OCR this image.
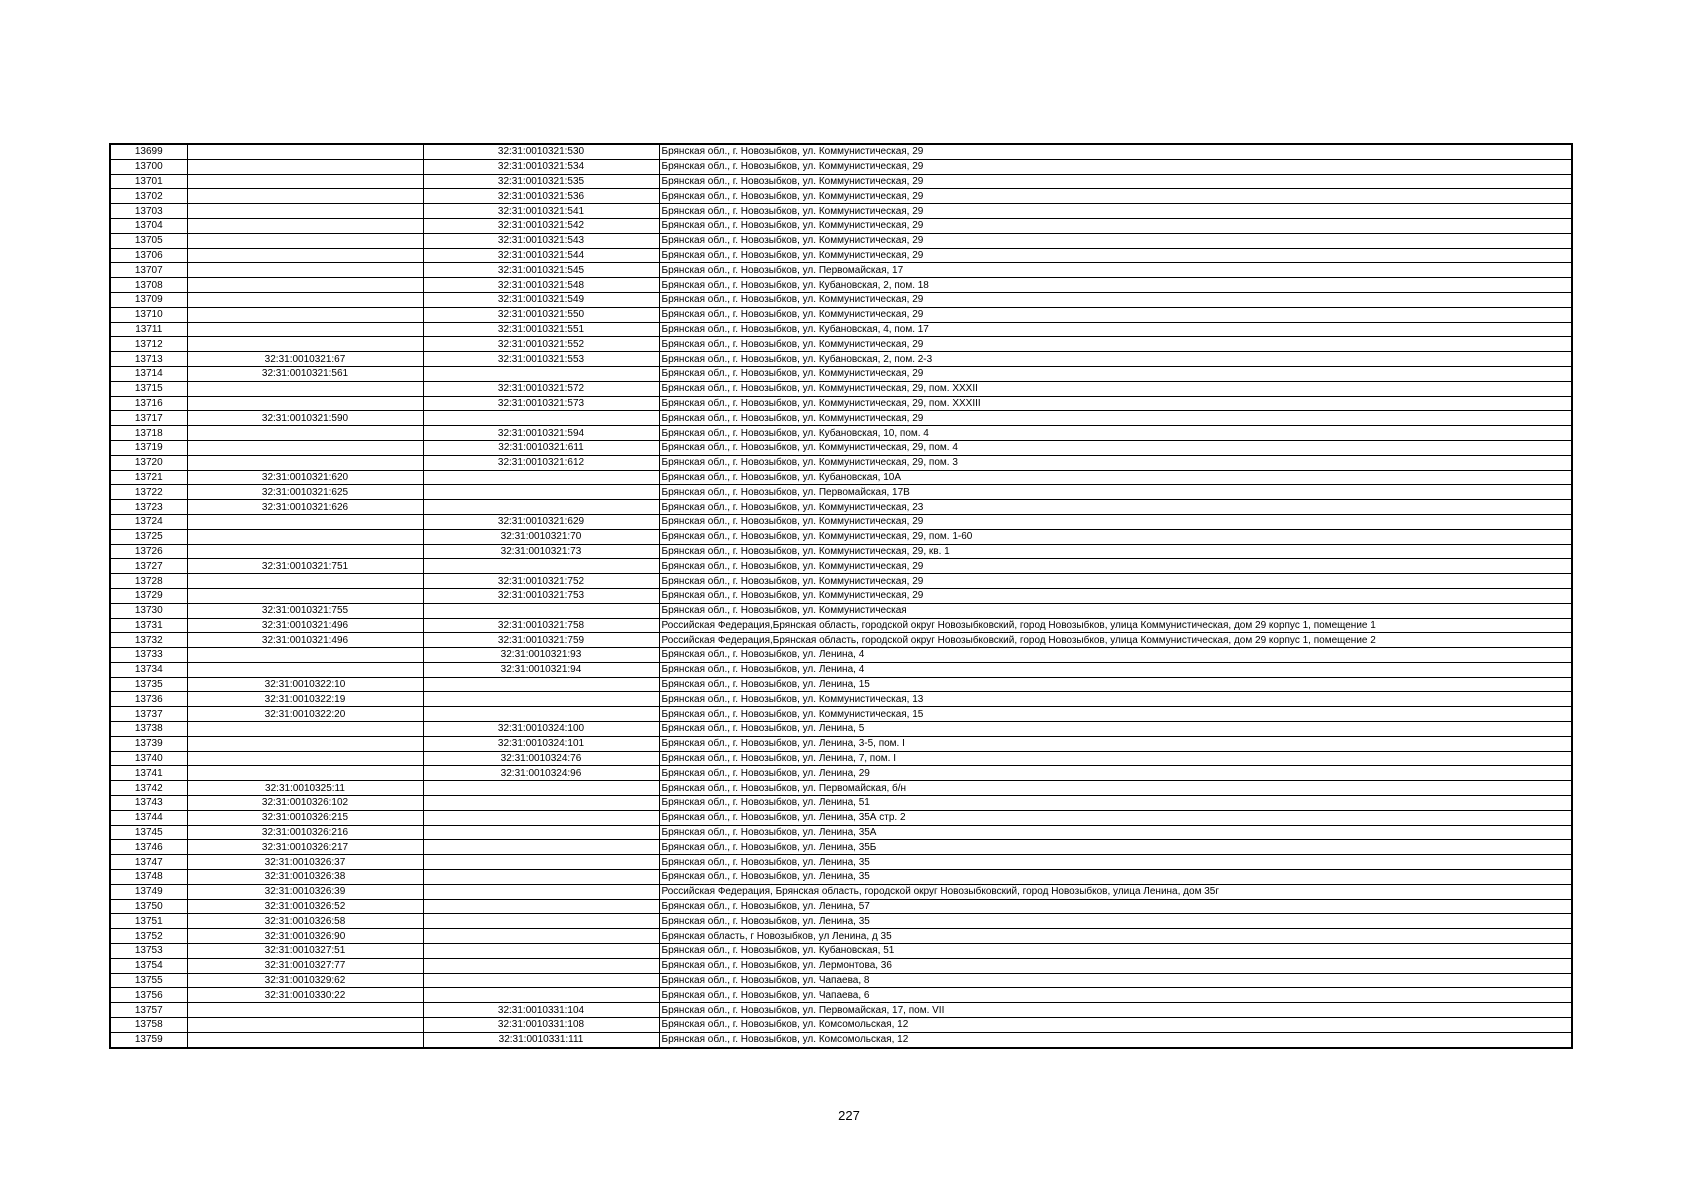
13699		32:31:0010321:530	Брянская обл., г. Новозыбков, ул. Коммунистическая, 29
13700		32:31:0010321:534	Брянская обл., г. Новозыбков, ул. Коммунистическая, 29
13701		32:31:0010321:535	Брянская обл., г. Новозыбков, ул. Коммунистическая, 29
13702		32:31:0010321:536	Брянская обл., г. Новозыбков, ул. Коммунистическая, 29
13703		32:31:0010321:541	Брянская обл., г. Новозыбков, ул. Коммунистическая, 29
13704		32:31:0010321:542	Брянская обл., г. Новозыбков, ул. Коммунистическая, 29
13705		32:31:0010321:543	Брянская обл., г. Новозыбков, ул. Коммунистическая, 29
13706		32:31:0010321:544	Брянская обл., г. Новозыбков, ул. Коммунистическая, 29
13707		32:31:0010321:545	Брянская обл., г. Новозыбков, ул. Первомайская, 17
13708		32:31:0010321:548	Брянская обл., г. Новозыбков, ул. Кубановская, 2, пом. 18
13709		32:31:0010321:549	Брянская обл., г. Новозыбков, ул. Коммунистическая, 29
13710		32:31:0010321:550	Брянская обл., г. Новозыбков, ул. Коммунистическая, 29
13711		32:31:0010321:551	Брянская обл., г. Новозыбков, ул. Кубановская, 4, пом. 17
13712		32:31:0010321:552	Брянская обл., г. Новозыбков, ул. Коммунистическая, 29
13713	32:31:0010321:67	32:31:0010321:553	Брянская обл., г. Новозыбков, ул. Кубановская, 2, пом. 2-3
13714	32:31:0010321:561		Брянская обл., г. Новозыбков, ул. Коммунистическая, 29
13715		32:31:0010321:572	Брянская обл., г. Новозыбков, ул. Коммунистическая, 29, пом. XXXII
13716		32:31:0010321:573	Брянская обл., г. Новозыбков, ул. Коммунистическая, 29, пом. XXXIII
13717	32:31:0010321:590		Брянская обл., г. Новозыбков, ул. Коммунистическая, 29
13718		32:31:0010321:594	Брянская обл., г. Новозыбков, ул. Кубановская, 10, пом. 4
13719		32:31:0010321:611	Брянская обл., г. Новозыбков, ул. Коммунистическая, 29, пом. 4
13720		32:31:0010321:612	Брянская обл., г. Новозыбков, ул. Коммунистическая, 29, пом. 3
13721	32:31:0010321:620		Брянская обл., г. Новозыбков, ул. Кубановская, 10А
13722	32:31:0010321:625		Брянская обл., г. Новозыбков, ул. Первомайская, 17В
13723	32:31:0010321:626		Брянская обл., г. Новозыбков, ул. Коммунистическая, 23
13724		32:31:0010321:629	Брянская обл., г. Новозыбков, ул. Коммунистическая, 29
13725		32:31:0010321:70	Брянская обл., г. Новозыбков, ул. Коммунистическая, 29, пом. 1-60
13726		32:31:0010321:73	Брянская обл., г. Новозыбков, ул. Коммунистическая, 29, кв. 1
13727	32:31:0010321:751		Брянская обл., г. Новозыбков, ул. Коммунистическая, 29
13728		32:31:0010321:752	Брянская обл., г. Новозыбков, ул. Коммунистическая, 29
13729		32:31:0010321:753	Брянская обл., г. Новозыбков, ул. Коммунистическая, 29
13730	32:31:0010321:755		Брянская обл., г. Новозыбков, ул. Коммунистическая
13731	32:31:0010321:496	32:31:0010321:758	Российская Федерация,Брянская область, городской округ Новозыбковский, город Новозыбков, улица Коммунистическая, дом 29 корпус 1, помещение 1
13732	32:31:0010321:496	32:31:0010321:759	Российская Федерация,Брянская область, городской округ Новозыбковский, город Новозыбков, улица Коммунистическая, дом 29 корпус 1, помещение 2
13733		32:31:0010321:93	Брянская обл., г. Новозыбков, ул. Ленина, 4
13734		32:31:0010321:94	Брянская обл., г. Новозыбков, ул. Ленина, 4
13735	32:31:0010322:10		Брянская обл., г. Новозыбков, ул. Ленина, 15
13736	32:31:0010322:19		Брянская обл., г. Новозыбков, ул. Коммунистическая, 13
13737	32:31:0010322:20		Брянская обл., г. Новозыбков, ул. Коммунистическая, 15
13738		32:31:0010324:100	Брянская обл., г. Новозыбков, ул. Ленина, 5
13739		32:31:0010324:101	Брянская обл., г. Новозыбков, ул. Ленина, 3-5, пом. I
13740		32:31:0010324:76	Брянская обл., г. Новозыбков, ул. Ленина, 7, пом. I
13741		32:31:0010324:96	Брянская обл., г. Новозыбков, ул. Ленина, 29
13742	32:31:0010325:11		Брянская обл., г. Новозыбков, ул. Первомайская, б/н
13743	32:31:0010326:102		Брянская обл., г. Новозыбков, ул. Ленина, 51
13744	32:31:0010326:215		Брянская обл., г. Новозыбков, ул. Ленина, 35А стр. 2
13745	32:31:0010326:216		Брянская обл., г. Новозыбков, ул. Ленина, 35А
13746	32:31:0010326:217		Брянская обл., г. Новозыбков, ул. Ленина, 35Б
13747	32:31:0010326:37		Брянская обл., г. Новозыбков, ул. Ленина, 35
13748	32:31:0010326:38		Брянская обл., г. Новозыбков, ул. Ленина, 35
13749	32:31:0010326:39		Российская Федерация, Брянская область, городской округ Новозыбковский, город Новозыбков, улица Ленина, дом 35г
13750	32:31:0010326:52		Брянская обл., г. Новозыбков, ул. Ленина, 57
13751	32:31:0010326:58		Брянская обл., г. Новозыбков, ул. Ленина, 35
13752	32:31:0010326:90		Брянская область, г Новозыбков, ул Ленина, д 35
13753	32:31:0010327:51		Брянская обл., г. Новозыбков, ул. Кубановская, 51
13754	32:31:0010327:77		Брянская обл., г. Новозыбков, ул. Лермонтова, 36
13755	32:31:0010329:62		Брянская обл., г. Новозыбков, ул. Чапаева, 8
13756	32:31:0010330:22		Брянская обл., г. Новозыбков, ул. Чапаева, 6
13757		32:31:0010331:104	Брянская обл., г. Новозыбков, ул. Первомайская, 17, пом. VII
13758		32:31:0010331:108	Брянская обл., г. Новозыбков, ул. Комсомольская, 12
13759		32:31:0010331:111	Брянская обл., г. Новозыбков, ул. Комсомольская, 12
227
